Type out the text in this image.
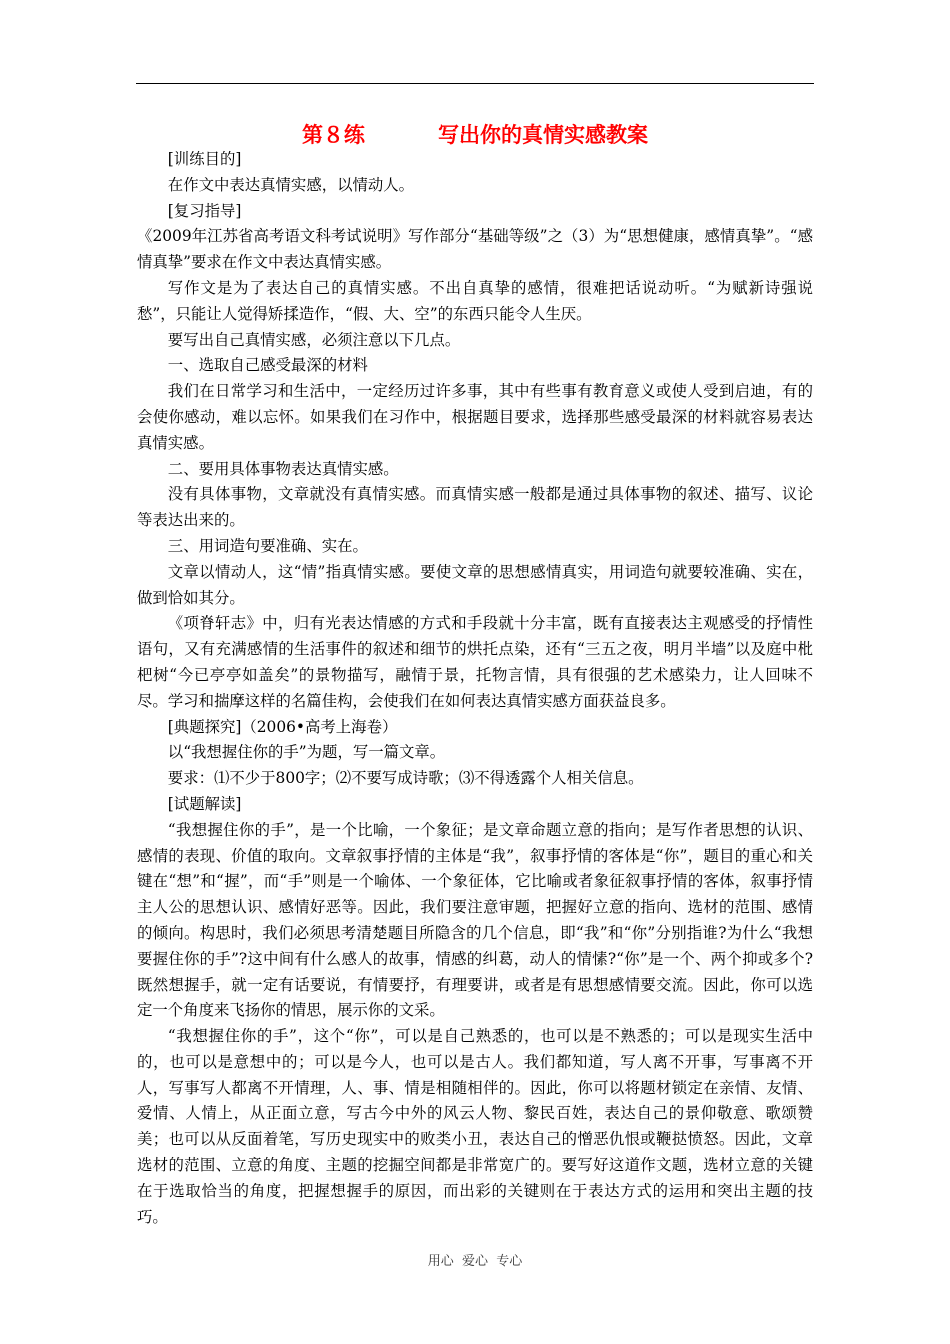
第８练          写出你的真情实感教案

[训练目的]

在作文中表达真情实感，以情动人。

[复习指导]

《2009年江苏省高考语文科考试说明》写作部分“基础等级”之（3）为“思想健康，感情真挚”。“感情真挚”要求在作文中表达真情实感。

写作文是为了表达自己的真情实感。不出自真挚的感情，很难把话说动听。“为赋新诗强说愁”，只能让人觉得矫揉造作，“假、大、空”的东西只能令人生厌。

要写出自己真情实感，必须注意以下几点。

一、选取自己感受最深的材料

我们在日常学习和生活中，一定经历过许多事，其中有些事有教育意义或使人受到启迪，有的会使你感动，难以忘怀。如果我们在习作中，根据题目要求，选择那些感受最深的材料就容易表达真情实感。

二、要用具体事物表达真情实感。

没有具体事物，文章就没有真情实感。而真情实感一般都是通过具体事物的叙述、描写、议论等表达出来的。

三、用词造句要准确、实在。

文章以情动人，这“情”指真情实感。要使文章的思想感情真实，用词造句就要较准确、实在，做到恰如其分。

《项脊轩志》中，归有光表达情感的方式和手段就十分丰富，既有直接表达主观感受的抒情性语句，又有充满感情的生活事件的叙述和细节的烘托点染，还有“三五之夜，明月半墙”以及庭中枇杷树“今已亭亭如盖矣”的景物描写，融情于景，托物言情，具有很强的艺术感染力，让人回味不尽。学习和揣摩这样的名篇佳构，会使我们在如何表达真情实感方面获益良多。

[典题探究]（2006•高考上海卷）

以“我想握住你的手”为题，写一篇文章。

要求：⑴不少于800字；⑵不要写成诗歌；⑶不得透露个人相关信息。

[试题解读]

“我想握住你的手”，是一个比喻，一个象征；是文章命题立意的指向；是写作者思想的认识、感情的表现、价值的取向。文章叙事抒情的主体是“我”，叙事抒情的客体是“你”，题目的重心和关键在“想”和“握”，而“手”则是一个喻体、一个象征体，它比喻或者象征叙事抒情的客体，叙事抒情主人公的思想认识、感情好恶等。因此，我们要注意审题，把握好立意的指向、选材的范围、感情的倾向。构思时，我们必须思考清楚题目所隐含的几个信息，即“我”和“你”分别指谁?为什么“我想要握住你的手”?这中间有什么感人的故事，情感的纠葛，动人的情愫?“你”是一个、两个抑或多个?既然想握手，就一定有话要说，有情要抒，有理要讲，或者是有思想感情要交流。因此，你可以选定一个角度来飞扬你的情思，展示你的文采。

“我想握住你的手”，这个“你”，可以是自己熟悉的，也可以是不熟悉的；可以是现实生活中的，也可以是意想中的；可以是今人，也可以是古人。我们都知道，写人离不开事，写事离不开人，写事写人都离不开情理，人、事、情是相随相伴的。因此，你可以将题材锁定在亲情、友情、爱情、人情上，从正面立意，写古今中外的风云人物、黎民百姓，表达自己的景仰敬意、歌颂赞美；也可以从反面着笔，写历史现实中的败类小丑，表达自己的憎恶仇恨或鞭挞愤怒。因此，文章选材的范围、立意的角度、主题的挖掘空间都是非常宽广的。要写好这道作文题，选材立意的关键在于选取恰当的角度，把握想握手的原因，而出彩的关键则在于表达方式的运用和突出主题的技巧。

用心  爱心  专心
